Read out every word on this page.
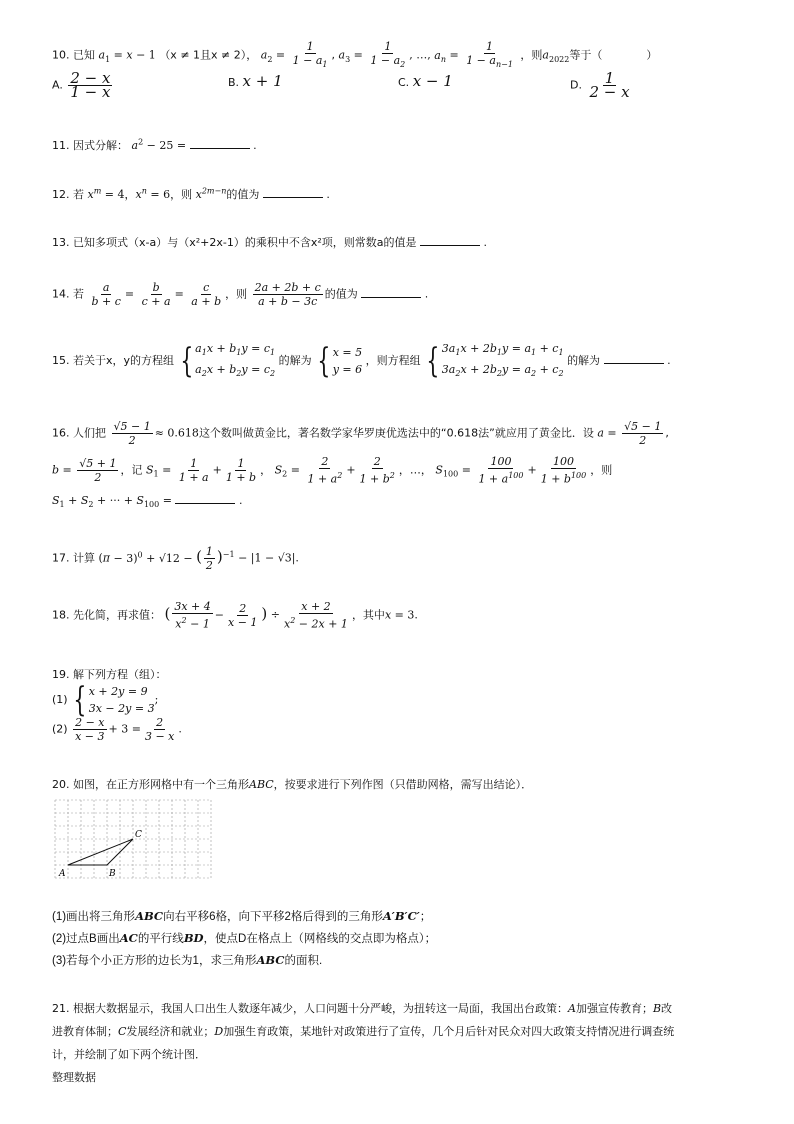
10. 已知 $a_1 = x - 1$ （x ≠ 1且x ≠ 2）， $a_2 = \frac{1}{1 - a_1}$ , $a_3 = \frac{1}{1 - a_2}$ , …, $a_n = \frac{1}{1 - a_{n-1}}$ ，则$a_{2022}$等于（　　　　）
A. $\frac{2 - x}{1 - x}$	B. x + 1	C. x − 1	D. $\frac{1}{2 - x}$
11. 因式分解： $a^2 - 25$ =	.
12. 若 $x^m = 4$，$x^n = 6$，则 $x^{2m-n}$的值为	.
13. 已知多项式（x-a）与（x²+2x-1）的乘积中不含x²项，则常数a的值是	.
14. 若 $\frac{a}{b + c} = \frac{b}{c + a} = \frac{c}{a + b}$ ，则 $\frac{2a + 2b + c}{a + b - 3c}$ 的值为	.
15. 若关于x，y的方程组 { $a_1x + b_1y = c_1$
$a_2x + b_2y = c_2$
的解为 { x = 5
y = 6
，则方程组 { $3a_1x + 2b_1y = a_1 + c_1$
$3a_2x + 2b_2y = a_2 + c_2$
的解为	.
16. 人们把 $\frac{√5 - 1}{2} \approx 0.618$这个数叫做黄金比，著名数学家华罗庚优选法中的“0.618法”就应用了黄金比．设 $a = \frac{√5 - 1}{2}$ ,
$b = \frac{√5 + 1}{2}$ ，记 $S_1 = \frac{1}{1 + a} + \frac{1}{1 + b}$ ， $S_2 = \frac{2}{1 + a^2} + \frac{2}{1 + b^2}$ ，…， $S_{100} = \frac{100}{1 + a^{100}} + \frac{100}{1 + b^{100}}$ ，则
$S_1 + S_2$ + ··· + $S_{100}$ =	.
17. 计算 $(\pi - 3)^0 + √12$ − ( $\frac{1}{2} )^{-1} - |1 - √3|$.
18. 先化简，再求值： ( $\frac{3x + 4}{x^2 - 1} - \frac{2}{x - 1}$ ) ÷ $\frac{x + 2}{x^2 - 2x + 1}$ ，其中x = 3.
19. 解下列方程（组）：
(1) { x + 2y = 9
3x − 2y = 3
;
$(2) \frac{2 - x}{x - 3} + 3 = \frac{2}{3 - x}$ .
20. 如图，在正方形网格中有一个三角形ABC，按要求进行下列作图（只借助网格，需写出结论）．
A	B
C
(1)画出将三角形ABC向右平移6格，向下平移2格后得到的三角形A′B′C′；
(2)过点B画出AC的平行线BD，使点D在格点上（网格线的交点即为格点）；
(3)若每个小正方形的边长为1，求三角形ABC的面积.
21. 根据大数据显示，我国人口出生人数逐年减少，人口问题十分严峻，为扭转这一局面，我国出台政策：A加强宣传教育；B改
进教育体制；C发展经济和就业；D加强生育政策，某地针对政策进行了宣传，几个月后针对民众对四大政策支持情况进行调查统
计，并绘制了如下两个统计图．
整理数据
